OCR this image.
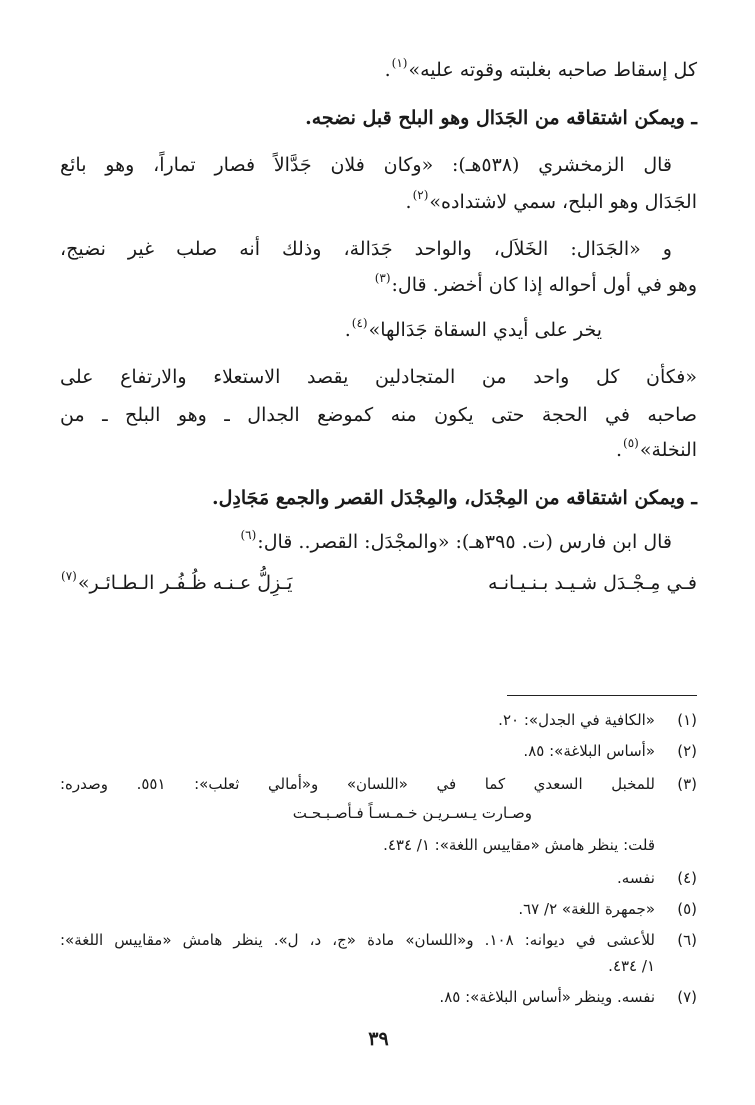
كل إسقاط صاحبه بغلبته وقوته عليه»$^{(١)}$.
ـ ويمكن اشتقاقه من الجَدَال وهو البلح قبل نضجه.
قال الزمخشري (٥٣٨هـ): «وكان فلان جَدَّالاً فصار تماراً، وهو بائع
الجَدَال وهو البلح، سمي لاشتداده»$^{(٢)}$.
و «الجَدَال: الخَلاَل، والواحد جَدَالة، وذلك أنه صلب غير نضيج،
وهو في أول أحواله إذا كان أخضر. قال:$^{(٣)}$
يخر على أيدي السقاة جَدَالها»$^{(٤)}$.
«فكأن كل واحد من المتجادلين يقصد الاستعلاء والارتفاع على
صاحبه في الحجة حتى يكون منه كموضع الجدال ـ وهو البلح ـ من
النخلة»$^{(٥)}$.
ـ ويمكن اشتقاقه من المِجْدَل، والمِجْدَل القصر والجمع مَجَادِل.
قال ابن فارس (ت. ٣٩٥هـ): «والمجْدَل: القصر.. قال:$^{(٦)}$
فـي مِـجْـدَل شـيـد بـنـيـانـه
يَـزِلُّ عـنـه ظُـفُـر الـطـائـر»$^{(٧)}$
(١)
«الكافية في الجدل»: ٢٠.
(٢)
«أساس البلاغة»: ٨٥.
(٣)
للمخبل السعدي كما في «اللسان» و«أمالي ثعلب»: ٥٥١. وصدره:
وصـارت يـسـريـن خـمـسـاً فـأصـبـحـت
قلت: ينظر هامش «مقاييس اللغة»: ١/ ٤٣٤.
(٤)
نفسه.
(٥)
«جمهرة اللغة» ٢/ ٦٧.
(٦)
للأعشى في ديوانه: ١٠٨. و«اللسان» مادة «ج، د، ل». ينظر هامش «مقاييس اللغة»:
١/ ٤٣٤.
(٧)
نفسه. وينظر «أساس البلاغة»: ٨٥.
٣٩
